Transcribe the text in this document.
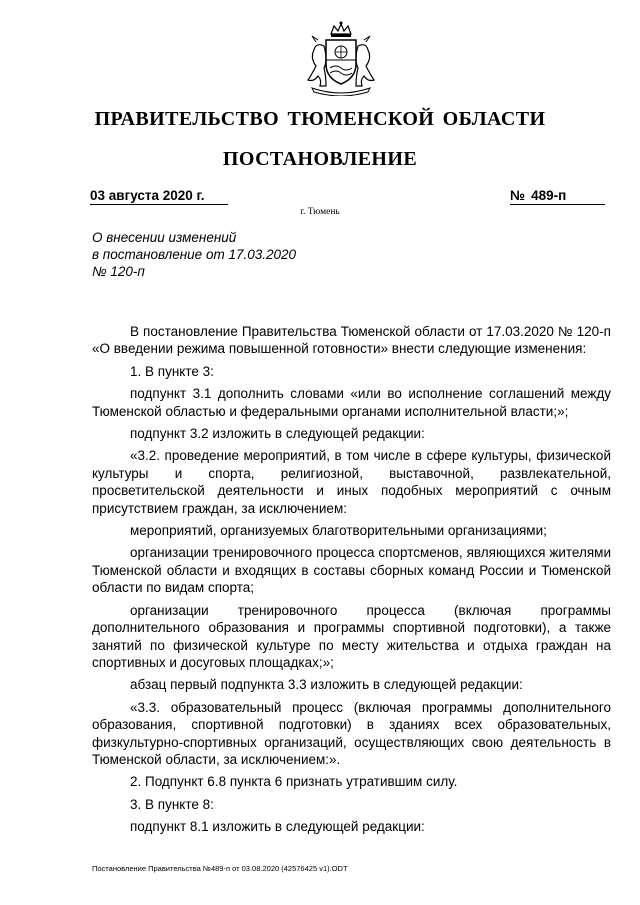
ПРАВИТЕЛЬСТВО ТЮМЕНСКОЙ ОБЛАСТИ
ПОСТАНОВЛЕНИЕ
03 августа 2020 г.	№ 489-п
г. Тюмень
О внесении изменений
в постановление от 17.03.2020
№ 120-п

В постановление Правительства Тюменской области от 17.03.2020 № 120-п «О введении режима повышенной готовности» внести следующие изменения:

1. В пункте 3:

подпункт 3.1 дополнить словами «или во исполнение соглашений между Тюменской областью и федеральными органами исполнительной власти;»;

подпункт 3.2 изложить в следующей редакции:

«3.2. проведение мероприятий, в том числе в сфере культуры, физической культуры и спорта, религиозной, выставочной, развлекательной, просветительской деятельности и иных подобных мероприятий с очным присутствием граждан, за исключением:

мероприятий, организуемых благотворительными организациями;

организации тренировочного процесса спортсменов, являющихся жителями Тюменской области и входящих в составы сборных команд России и Тюменской области по видам спорта;

организации тренировочного процесса (включая программы дополнительного образования и программы спортивной подготовки), а также занятий по физической культуре по месту жительства и отдыха граждан на спортивных и досуговых площадках;»;

абзац первый подпункта 3.3 изложить в следующей редакции:

«3.3. образовательный процесс (включая программы дополнительного образования, спортивной подготовки) в зданиях всех образовательных, физкультурно-спортивных организаций, осуществляющих свою деятельность в Тюменской области, за исключением:».

2. Подпункт 6.8 пункта 6 признать утратившим силу.

3. В пункте 8:

подпункт 8.1 изложить в следующей редакции:

Постановление Правительства №489-п от 03.08.2020 (42576425 v1).ODT
